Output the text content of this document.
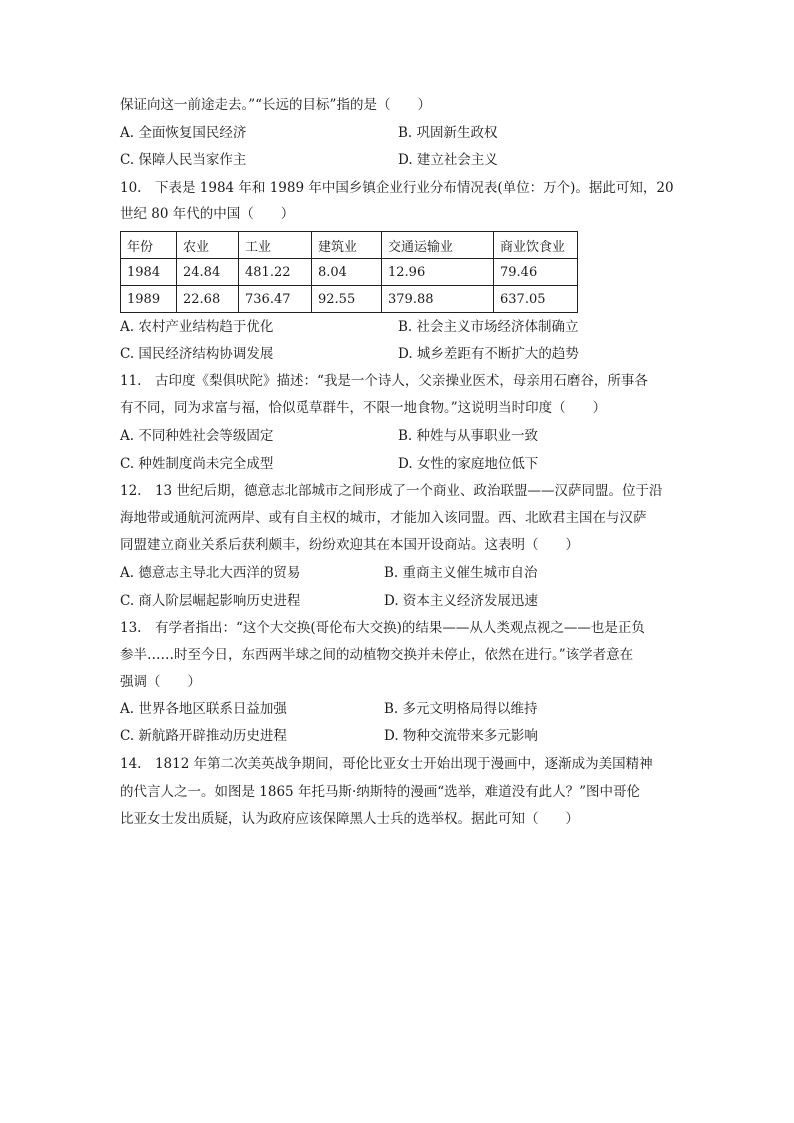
保证向这一前途走去。”“长远的目标”指的是（　　）
A. 全面恢复国民经济	B. 巩固新生政权
C. 保障人民当家作主	D. 建立社会主义
10.　下表是 1984 年和 1989 年中国乡镇企业行业分布情况表(单位：万个)。据此可知，20
世纪 80 年代的中国（　　）
年份	农业	工业	建筑业	交通运输业	商业饮食业
1984	24.84	481.22	8.04	12.96	79.46
1989	22.68	736.47	92.55	379.88	637.05
A. 农村产业结构趋于优化	B. 社会主义市场经济体制确立
C. 国民经济结构协调发展	D. 城乡差距有不断扩大的趋势
11.　古印度《梨俱吠陀》描述：“我是一个诗人，父亲操业医术，母亲用石磨谷，所事各
有不同，同为求富与福，恰似觅草群牛，不限一地食物。”这说明当时印度（　　）
A. 不同种姓社会等级固定	B. 种姓与从事职业一致
C. 种姓制度尚未完全成型	D. 女性的家庭地位低下
12.　13 世纪后期，德意志北部城市之间形成了一个商业、政治联盟——汉萨同盟。位于沿
海地带或通航河流两岸、或有自主权的城市，才能加入该同盟。西、北欧君主国在与汉萨
同盟建立商业关系后获利颇丰，纷纷欢迎其在本国开设商站。这表明（　　）
A. 德意志主导北大西洋的贸易	B. 重商主义催生城市自治
C. 商人阶层崛起影响历史进程	D. 资本主义经济发展迅速
13.　有学者指出：“这个大交换(哥伦布大交换)的结果——从人类观点视之——也是正负
参半……时至今日，东西两半球之间的动植物交换并未停止，依然在进行。”该学者意在
强调（　　）
A. 世界各地区联系日益加强	B. 多元文明格局得以维持
C. 新航路开辟推动历史进程	D. 物种交流带来多元影响
14.　1812 年第二次美英战争期间，哥伦比亚女士开始出现于漫画中，逐渐成为美国精神
的代言人之一。如图是 1865 年托马斯·纳斯特的漫画“选举，难道没有此人？”图中哥伦
比亚女士发出质疑，认为政府应该保障黑人士兵的选举权。据此可知（　　）
